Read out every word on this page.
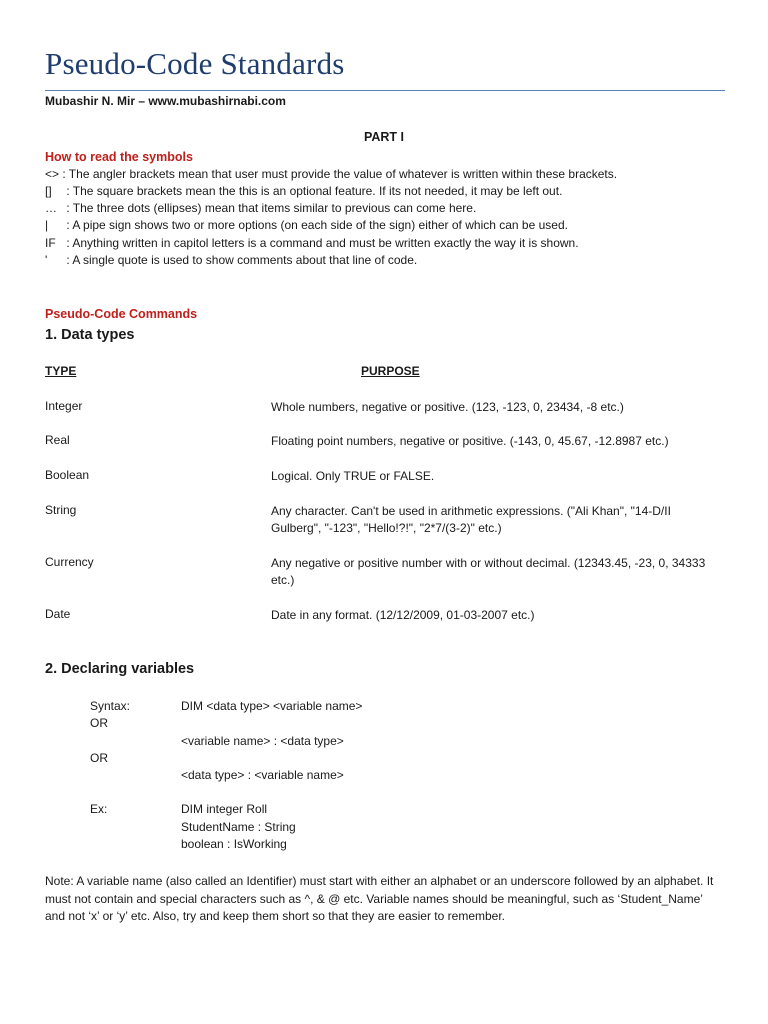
Pseudo-Code Standards
Mubashir N. Mir – www.mubashirnabi.com
PART I
How to read the symbols
<> : The angler brackets mean that user must provide the value of whatever is written within these brackets.
[] : The square brackets mean the this is an optional feature. If its not needed, it may be left out.
… : The three dots (ellipses) mean that items similar to previous can come here.
| : A pipe sign shows two or more options (on each side of the sign) either of which can be used.
IF : Anything written in capitol letters is a command and must be written exactly the way it is shown.
' : A single quote is used to show comments about that line of code.
Pseudo-Code Commands
1. Data types
TYPE	PURPOSE
Integer	Whole numbers, negative or positive. (123, -123, 0, 23434, -8 etc.)
Real	Floating point numbers, negative or positive. (-143, 0, 45.67, -12.8987 etc.)
Boolean	Logical. Only TRUE or FALSE.
String	Any character. Can't be used in arithmetic expressions. ("Ali Khan", "14-D/II Gulberg", "-123", "Hello!?!", "2*7/(3-2)" etc.)
Currency	Any negative or positive number with or without decimal. (12343.45, -23, 0, 34333 etc.)
Date	Date in any format. (12/12/2009, 01-03-2007 etc.)
2. Declaring variables
Syntax:	DIM <data type> <variable name>
OR
<variable name> : <data type>
OR
<data type> : <variable name>
Ex:	DIM integer Roll
StudentName : String
boolean : IsWorking
Note: A variable name (also called an Identifier) must start with either an alphabet or an underscore followed by an alphabet. It must not contain and special characters such as ^, & @ etc. Variable names should be meaningful, such as ‘Student_Name’ and not ‘x’ or ‘y’ etc. Also, try and keep them short so that they are easier to remember.
